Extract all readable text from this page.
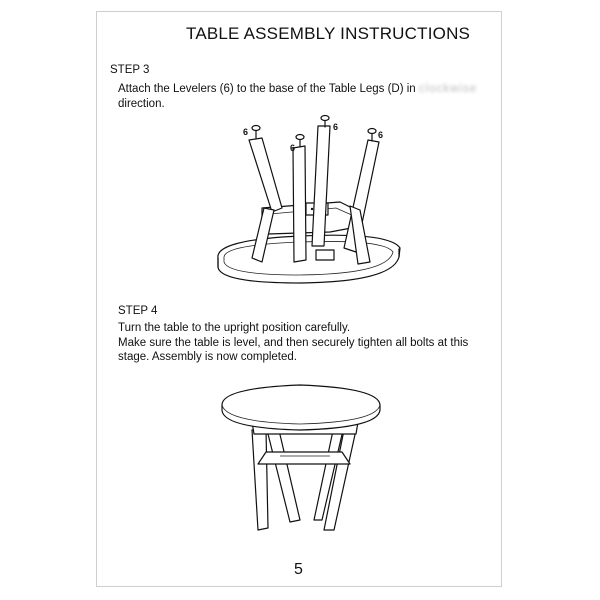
TABLE ASSEMBLY INSTRUCTIONS
STEP 3
Attach the Levelers (6) to the base of the Table Legs (D) in clockwise
direction.
6
6
6
6
STEP 4
Turn the table to the upright position carefully.
Make sure the table is level, and then securely tighten all bolts at this
stage. Assembly is now completed.
5
